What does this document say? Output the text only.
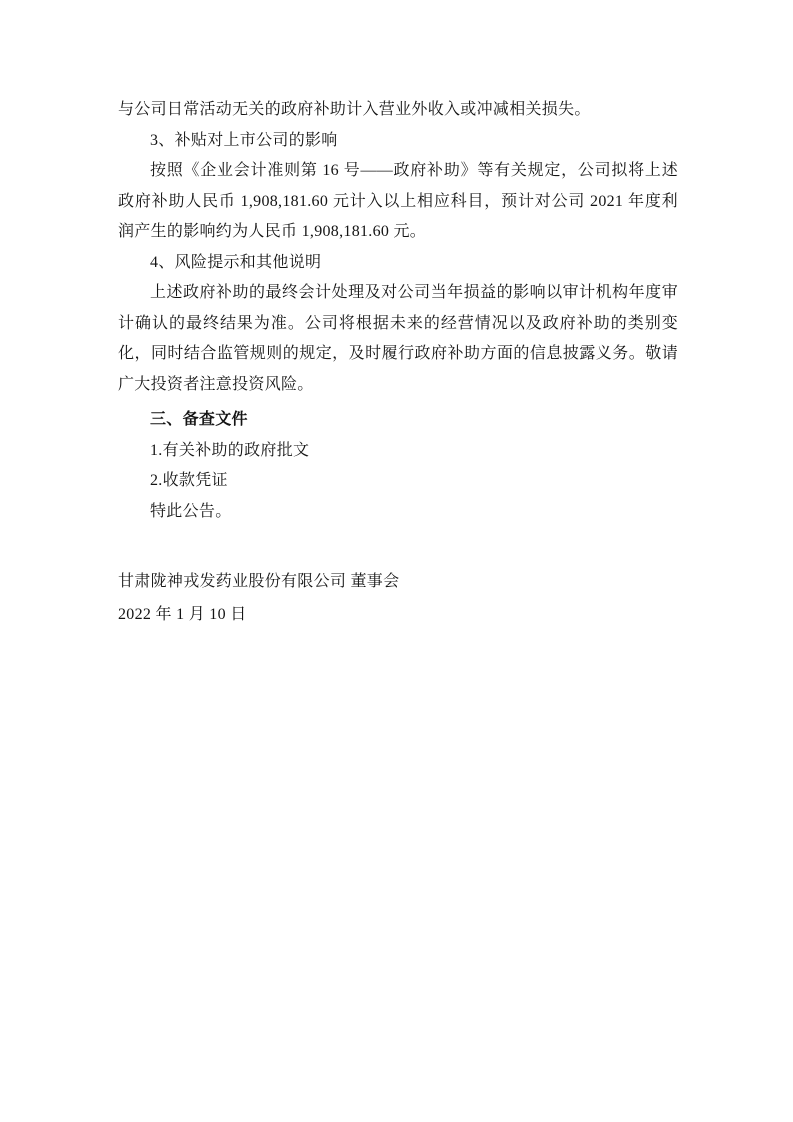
与公司日常活动无关的政府补助计入营业外收入或冲减相关损失。

3、补贴对上市公司的影响

按照《企业会计准则第 16 号——政府补助》等有关规定，公司拟将上述政府补助人民币 1,908,181.60 元计入以上相应科目，预计对公司 2021 年度利润产生的影响约为人民币 1,908,181.60 元。

4、风险提示和其他说明

上述政府补助的最终会计处理及对公司当年损益的影响以审计机构年度审计确认的最终结果为准。公司将根据未来的经营情况以及政府补助的类别变化，同时结合监管规则的规定，及时履行政府补助方面的信息披露义务。敬请广大投资者注意投资风险。

三、备查文件

1.有关补助的政府批文

2.收款凭证

特此公告。

甘肃陇神戎发药业股份有限公司 董事会

2022 年 1 月 10 日
